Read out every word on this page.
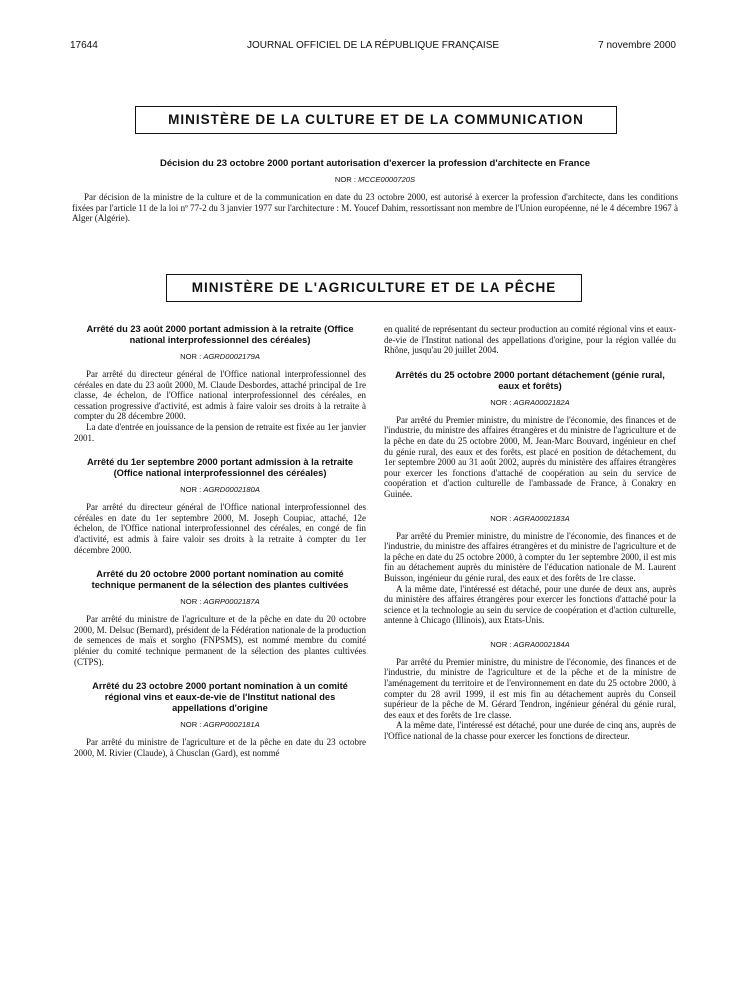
17644	JOURNAL OFFICIEL DE LA RÉPUBLIQUE FRANÇAISE	7 novembre 2000
MINISTÈRE DE LA CULTURE ET DE LA COMMUNICATION
Décision du 23 octobre 2000 portant autorisation d'exercer la profession d'architecte en France
NOR : MCCE0000720S

Par décision de la ministre de la culture et de la communication en date du 23 octobre 2000, est autorisé à exercer la profession d'architecte, dans les conditions fixées par l'article 11 de la loi nº 77-2 du 3 janvier 1977 sur l'architecture : M. Youcef Dahim, ressortissant non membre de l'Union européenne, né le 4 décembre 1967 à Alger (Algérie).

MINISTÈRE DE L'AGRICULTURE ET DE LA PÊCHE
Arrêté du 23 août 2000 portant admission à la retraite (Office national interprofessionnel des céréales)
NOR : AGRD0002179A

Par arrêté du directeur général de l'Office national interprofessionnel des céréales en date du 23 août 2000, M. Claude Desbordes, attaché principal de 1re classe, 4e échelon, de l'Office national interprofessionnel des céréales, en cessation progressive d'activité, est admis à faire valoir ses droits à la retraite à compter du 28 décembre 2000.

La date d'entrée en jouissance de la pension de retraite est fixée au 1er janvier 2001.

Arrêté du 1er septembre 2000 portant admission à la retraite (Office national interprofessionnel des céréales)
NOR : AGRD0002180A

Par arrêté du directeur général de l'Office national interprofessionnel des céréales en date du 1er septembre 2000, M. Joseph Coupiac, attaché, 12e échelon, de l'Office national interprofessionnel des céréales, en congé de fin d'activité, est admis à faire valoir ses droits à la retraite à compter du 1er décembre 2000.

Arrêté du 20 octobre 2000 portant nomination au comité technique permanent de la sélection des plantes cultivées
NOR : AGRP0002187A

Par arrêté du ministre de l'agriculture et de la pêche en date du 20 octobre 2000, M. Delsuc (Bernard), président de la Fédération nationale de la production de semences de maïs et sorgho (FNPSMS), est nommé membre du comité plénier du comité technique permanent de la sélection des plantes cultivées (CTPS).

Arrêté du 23 octobre 2000 portant nomination à un comité régional vins et eaux-de-vie de l'Institut national des appellations d'origine
NOR : AGRP0002181A

Par arrêté du ministre de l'agriculture et de la pêche en date du 23 octobre 2000, M. Rivier (Claude), à Chusclan (Gard), est nommé

en qualité de représentant du secteur production au comité régional vins et eaux-de-vie de l'Institut national des appellations d'origine, pour la région vallée du Rhône, jusqu'au 20 juillet 2004.

Arrêtés du 25 octobre 2000 portant détachement (génie rural, eaux et forêts)
NOR : AGRA0002182A

Par arrêté du Premier ministre, du ministre de l'économie, des finances et de l'industrie, du ministre des affaires étrangères et du ministre de l'agriculture et de la pêche en date du 25 octobre 2000, M. Jean-Marc Bouvard, ingénieur en chef du génie rural, des eaux et des forêts, est placé en position de détachement, du 1er septembre 2000 au 31 août 2002, auprès du ministère des affaires étrangères pour exercer les fonctions d'attaché de coopération au sein du service de coopération et d'action culturelle de l'ambassade de France, à Conakry en Guinée.

NOR : AGRA0002183A

Par arrêté du Premier ministre, du ministre de l'économie, des finances et de l'industrie, du ministre des affaires étrangères et du ministre de l'agriculture et de la pêche en date du 25 octobre 2000, à compter du 1er septembre 2000, il est mis fin au détachement auprès du ministère de l'éducation nationale de M. Laurent Buisson, ingénieur du génie rural, des eaux et des forêts de 1re classe.

A la même date, l'intéressé est détaché, pour une durée de deux ans, auprès du ministère des affaires étrangères pour exercer les fonctions d'attaché pour la science et la technologie au sein du service de coopération et d'action culturelle, antenne à Chicago (Illinois), aux Etats-Unis.

NOR : AGRA0002184A

Par arrêté du Premier ministre, du ministre de l'économie, des finances et de l'industrie, du ministre de l'agriculture et de la pêche et de la ministre de l'aménagement du territoire et de l'environnement en date du 25 octobre 2000, à compter du 28 avril 1999, il est mis fin au détachement auprès du Conseil supérieur de la pêche de M. Gérard Tendron, ingénieur général du génie rural, des eaux et des forêts de 1re classe.

A la même date, l'intéressé est détaché, pour une durée de cinq ans, auprès de l'Office national de la chasse pour exercer les fonctions de directeur.
